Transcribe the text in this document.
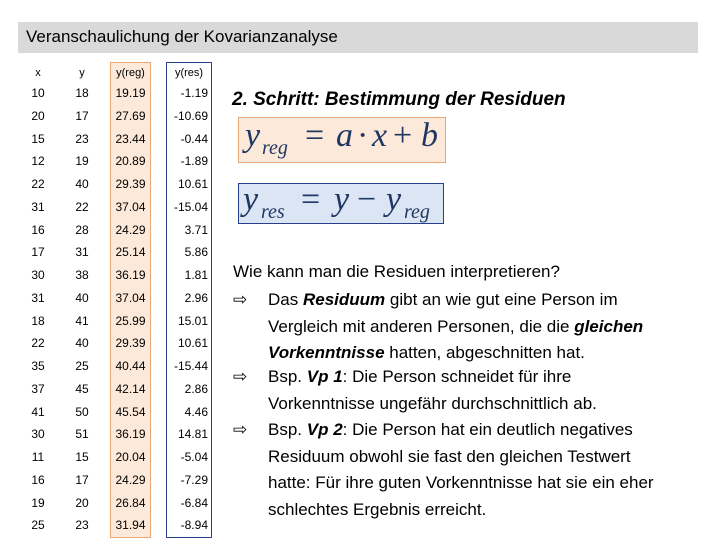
Veranschaulichung der Kovarianzanalyse
x	y	y(reg)	y(res)
10	18	19.19	-1.19
20	17	27.69	-10.69
15	23	23.44	-0.44
12	19	20.89	-1.89
22	40	29.39	10.61
31	22	37.04	-15.04
16	28	24.29	3.71
17	31	25.14	5.86
30	38	36.19	1.81
31	40	37.04	2.96
18	41	25.99	15.01
22	40	29.39	10.61
35	25	40.44	-15.44
37	45	42.14	2.86
41	50	45.54	4.46
30	51	36.19	14.81
11	15	20.04	-5.04
16	17	24.29	-7.29
19	20	26.84	-6.84
25	23	31.94	-8.94
2. Schritt: Bestimmung der Residuen
y reg = a · x + b
y res = y − y reg
Wie kann man die Residuen interpretieren?
⇨ Das Residuum gibt an wie gut eine Person im
Vergleich mit anderen Personen, die die gleichen
Vorkenntnisse hatten, abgeschnitten hat.
⇨ Bsp. Vp 1: Die Person schneidet für ihre
Vorkenntnisse ungefähr durchschnittlich ab.
⇨ Bsp. Vp 2: Die Person hat ein deutlich negatives
Residuum obwohl sie fast den gleichen Testwert
hatte: Für ihre guten Vorkenntnisse hat sie ein eher
schlechtes Ergebnis erreicht.
